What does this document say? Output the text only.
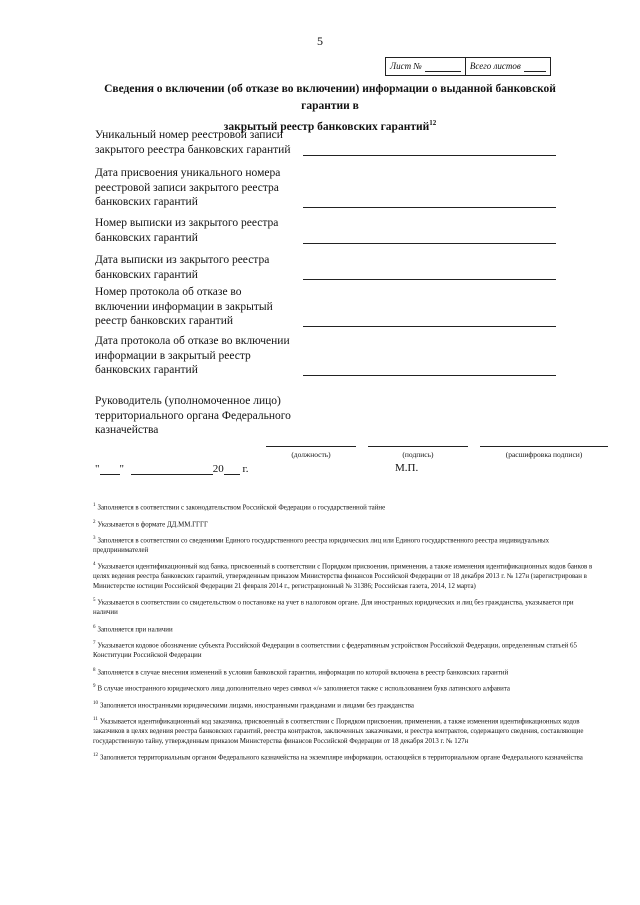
5
Лист №	Всего листов
Сведения о включении (об отказе во включении) информации о выданной банковской гарантии в
закрытый реестр банковских гарантий$^{12}$
Уникальный номер реестровой записи закрытого реестра банковских гарантий
Дата присвоения уникального номера реестровой записи закрытого реестра банковских гарантий
Номер выписки из закрытого реестра банковских гарантий
Дата выписки из закрытого реестра банковских гарантий
Номер протокола об отказе во включении информации в закрытый реестр банковских гарантий
Дата протокола об отказе во включении информации в закрытый реестр банковских гарантий
Руководитель (уполномоченное лицо) территориального органа Федерального казначейства
(должность)	(подпись)	(расшифровка подписи)
" "	20 г.	М.П.
$^1$ Заполняется в соответствии с законодательством Российской Федерации о государственной тайне
$^2$ Указывается в формате ДД.ММ.ГГГГ
$^3$ Заполняется в соответствии со сведениями Единого государственного реестра юридических лиц или Единого государственного реестра индивидуальных предпринимателей
$^4$ Указывается идентификационный код банка, присвоенный в соответствии с Порядком присвоения, применения, а также изменения идентификационных кодов банков в целях ведения реестра банковских гарантий, утвержденным приказом Министерства финансов Российской Федерации от 18 декабря 2013 г. № 127н (зарегистрирован в Министерстве юстиции Российской Федерации 21 февраля 2014 г., регистрационный № 31386; Российская газета, 2014, 12 марта)
$^5$ Указывается в соответствии со свидетельством о постановке на учет в налоговом органе. Для иностранных юридических и лиц без гражданства, указывается при наличии
$^6$ Заполняется при наличии
$^7$ Указывается кодовое обозначение субъекта Российской Федерации в соответствии с федеративным устройством Российской Федерации, определенным статьей 65 Конституции Российской Федерации
$^8$ Заполняется в случае внесения изменений в условия банковской гарантии, информация по которой включена в реестр банковских гарантий
$^9$ В случае иностранного юридического лица дополнительно через символ «/» заполняется также с использованием букв латинского алфавита
$^{10}$ Заполняется иностранными юридическими лицами, иностранными гражданами и лицами без гражданства
$^{11}$ Указывается идентификационный код заказчика, присвоенный в соответствии с Порядком присвоения, применения, а также изменения идентификационных кодов заказчиков в целях ведения реестра банковских гарантий, реестра контрактов, заключенных заказчиками, и реестра контрактов, содержащего сведения, составляющие государственную тайну, утвержденным приказом Министерства финансов Российской Федерации от 18 декабря 2013 г. № 127н
$^{12}$ Заполняется территориальным органом Федерального казначейства на экземпляре информации, остающейся в территориальном органе Федерального казначейства
